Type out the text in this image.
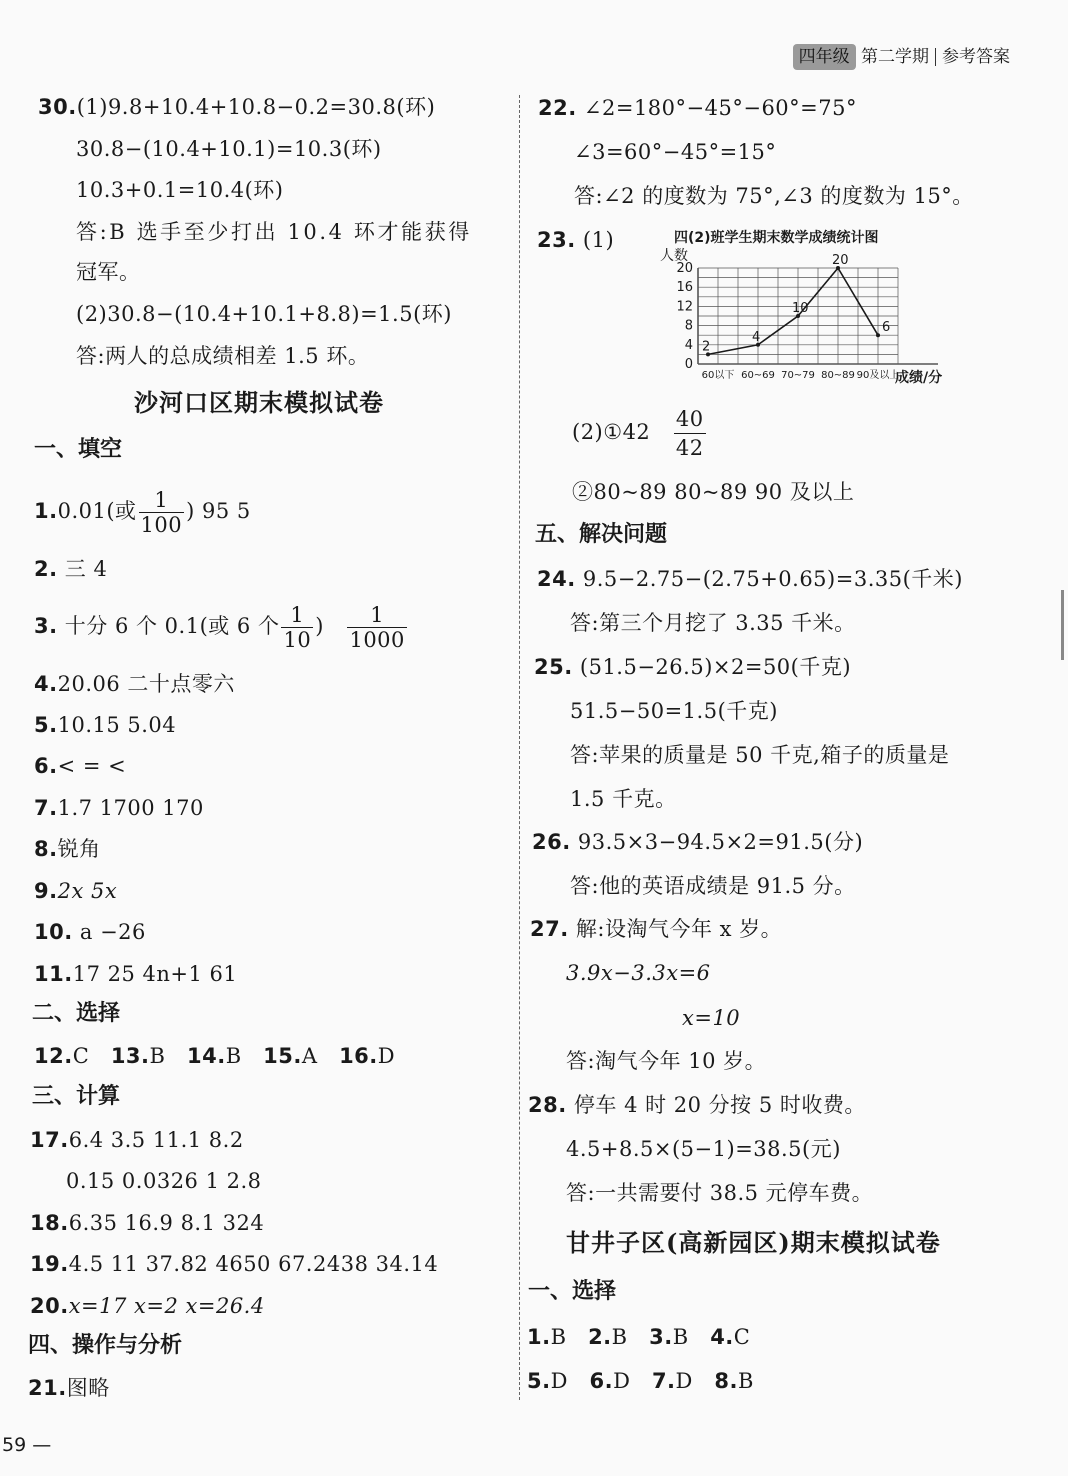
四年级 第二学期 参考答案
30.(1)9.8+10.4+10.8−0.2=30.8(环)
30.8−(10.4+10.1)=10.3(环)
10.3+0.1=10.4(环)
答:B 选手至少打出 10.4 环才能获得
冠军。
(2)30.8−(10.4+10.1+8.8)=1.5(环)
答:两人的总成绩相差 1.5 环。
沙河口区期末模拟试卷
一、填空
1.0.01(或 $\frac{1}{100}$ ) 95 5
2. 三 4
3. 十分 6 个 0.1(或 6 个 $\frac{1}{10}$ ) $\frac{1}{1000}$
4.20.06 二十点零六
5.10.15 5.04
6.< = <
7.1.7 1700 170
8.锐角
9.2x 5x
10. a −26
11.17 25 4n+1 61
二、选择
12.C 13.B 14.B 15.A 16.D
三、计算
17.6.4 3.5 11.1 8.2
0.15 0.0326 1 2.8
18.6.35 16.9 8.1 324
19.4.5 11 37.82 4650 67.2438 34.14
20.x=17 x=2 x=26.4
四、操作与分析
21.图略
22. ∠2=180°−45°−60°=75°
∠3=60°−45°=15°
答:∠2 的度数为 75°,∠3 的度数为 15°。
23. (1)	四(2)班学生期末数学成绩统计图
人数
成绩/分
0
4
8
12
16
20
60以下 60~69 70~79 80~89 90及以上
2
4
10
20
6
(2)①42 $\frac{40}{42}$
②80~89 80~89 90 及以上
五、解决问题
24. 9.5−2.75−(2.75+0.65)=3.35(千米)
答:第三个月挖了 3.35 千米。
25. (51.5−26.5)×2=50(千克)
51.5−50=1.5(千克)
答:苹果的质量是 50 千克,箱子的质量是
1.5 千克。
26. 93.5×3−94.5×2=91.5(分)
答:他的英语成绩是 91.5 分。
27. 解:设淘气今年 x 岁。
3.9x−3.3x=6
x=10
答:淘气今年 10 岁。
28. 停车 4 时 20 分按 5 时收费。
4.5+8.5×(5−1)=38.5(元)
答:一共需要付 38.5 元停车费。
甘井子区(高新园区)期末模拟试卷
一、选择
1.B 2.B 3.B 4.C
5.D 6.D 7.D 8.B
59 —
